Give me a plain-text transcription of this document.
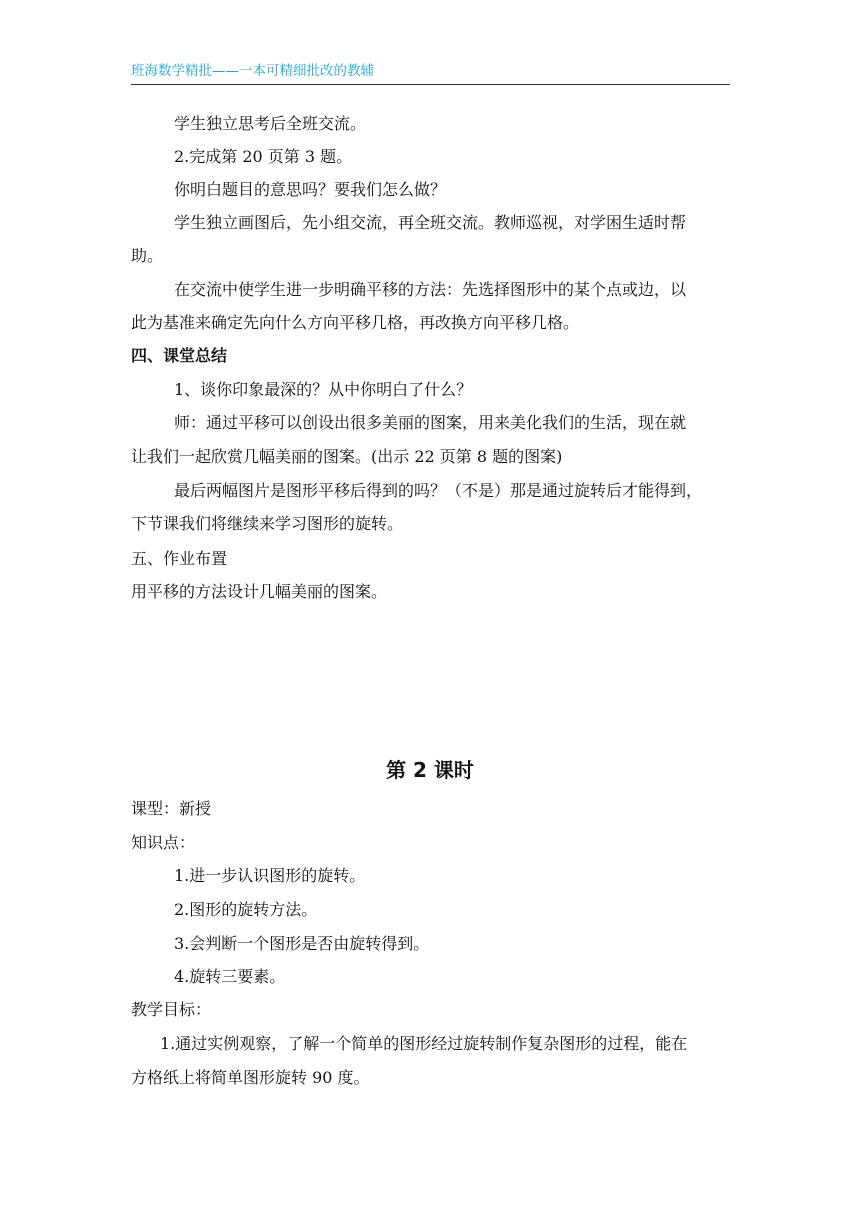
班海数学精批——一本可精细批改的教辅
学生独立思考后全班交流。
2.完成第 20 页第 3 题。
你明白题目的意思吗？要我们怎么做？
学生独立画图后，先小组交流，再全班交流。教师巡视，对学困生适时帮
助。
在交流中使学生进一步明确平移的方法：先选择图形中的某个点或边，以
此为基准来确定先向什么方向平移几格，再改换方向平移几格。
四、课堂总结
1、谈你印象最深的？从中你明白了什么？
师：通过平移可以创设出很多美丽的图案，用来美化我们的生活，现在就
让我们一起欣赏几幅美丽的图案。(出示 22 页第 8 题的图案)
最后两幅图片是图形平移后得到的吗？（不是）那是通过旋转后才能得到，
下节课我们将继续来学习图形的旋转。
五、作业布置
用平移的方法设计几幅美丽的图案。
第 2 课时
课型：新授
知识点：
1.进一步认识图形的旋转。
2.图形的旋转方法。
3.会判断一个图形是否由旋转得到。
4.旋转三要素。
教学目标：
1.通过实例观察，了解一个简单的图形经过旋转制作复杂图形的过程，能在
方格纸上将简单图形旋转 90 度。
